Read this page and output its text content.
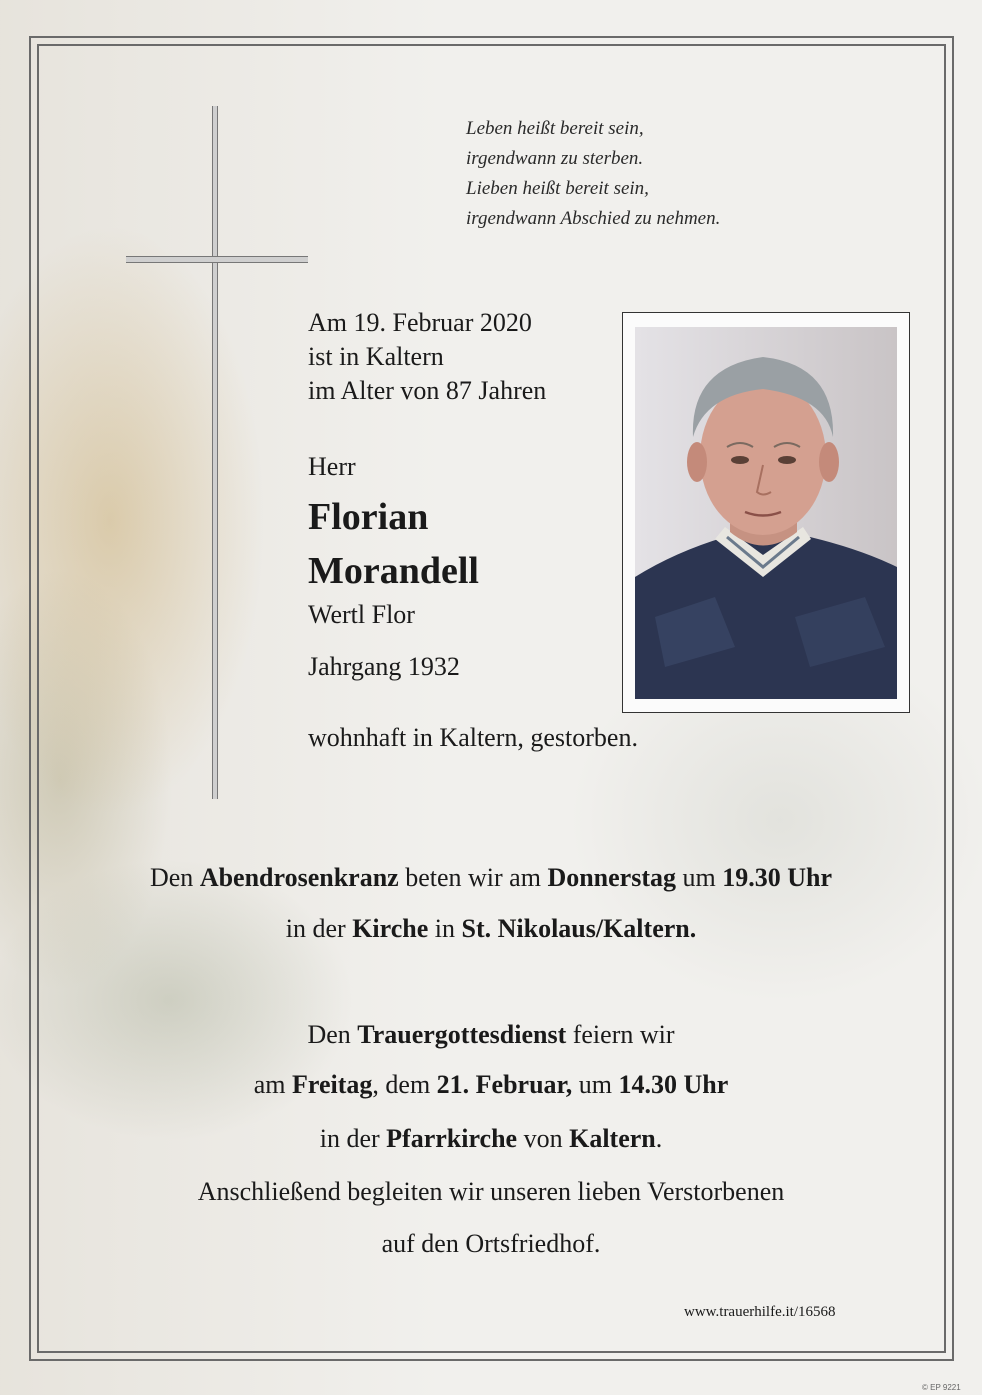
Leben heißt bereit sein,
irgendwann zu sterben.
Lieben heißt bereit sein,
irgendwann Abschied zu nehmen.
Am 19. Februar 2020
ist in Kaltern
im Alter von 87 Jahren
Herr
Florian
Morandell
Wertl Flor
Jahrgang 1932
wohnhaft in Kaltern, gestorben.
Den Abendrosenkranz beten wir am Donnerstag um 19.30 Uhr
in der Kirche in St. Nikolaus/Kaltern.
Den Trauergottesdienst feiern wir
am Freitag, dem 21. Februar, um 14.30 Uhr
in der Pfarrkirche von Kaltern.
Anschließend begleiten wir unseren lieben Verstorbenen
auf den Ortsfriedhof.
www.trauerhilfe.it/16568
© EP 9221
